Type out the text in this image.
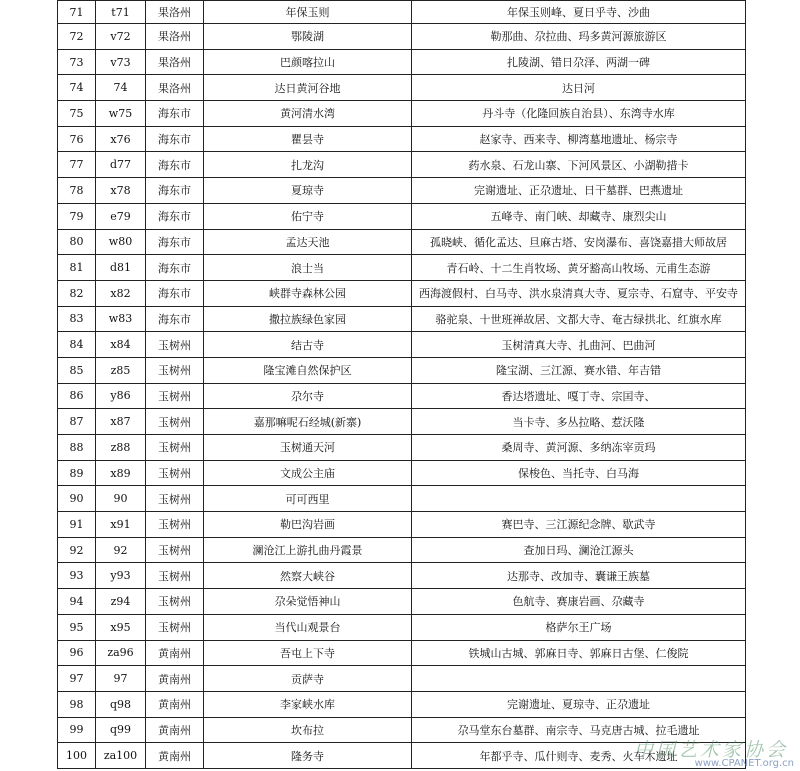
71	t71	果洛州	年保玉则	年保玉则峰、夏日乎寺、沙曲
72	v72	果洛州	鄂陵湖	勒那曲、尕拉曲、玛多黄河源旅游区
73	v73	果洛州	巴颜喀拉山	扎陵湖、错日尕泽、两湖一碑
74	74	果洛州	达日黄河谷地	达日河
75	w75	海东市	黄河清水湾	丹斗寺（化隆回族自治县）、东湾寺水库
76	x76	海东市	瞿昙寺	赵家寺、西来寺、柳湾墓地遗址、杨宗寺
77	d77	海东市	扎龙沟	药水泉、石龙山寨、下河风景区、小湖勒措卡
78	x78	海东市	夏琼寺	完谢遗址、正尕遗址、日干墓群、巴燕遗址
79	e79	海东市	佑宁寺	五峰寺、南门峡、却藏寺、康烈尖山
80	w80	海东市	孟达天池	孤晓峡、循化孟达、旦麻古塔、安岗瀑布、喜饶嘉措大师故居
81	d81	海东市	浪士当	青石岭、十二生肖牧场、黄牙豁高山牧场、元甫生态游
82	x82	海东市	峡群寺森林公园	西海渡假村、白马寺、洪水泉清真大寺、夏宗寺、石窟寺、平安寺
83	w83	海东市	撒拉族绿色家园	骆驼泉、十世班禅故居、文都大寺、奄古绿拱北、红旗水库
84	x84	玉树州	结古寺	玉树清真大寺、扎曲河、巴曲河
85	z85	玉树州	隆宝滩自然保护区	隆宝湖、三江源、赛水错、年吉错
86	y86	玉树州	尕尔寺	香达塔遗址、嘎丁寺、宗囯寺、
87	x87	玉树州	嘉那嘛呢石经城(新寨)	当卡寺、多丛拉略、惹沃隆
88	z88	玉树州	玉树通天河	桑周寺、黄河源、多纳冻宰贡玛
89	x89	玉树州	文成公主庙	保梭色、当托寺、白马海
90	90	玉树州	可可西里	
91	x91	玉树州	勒巴沟岩画	赛巴寺、三江源纪念牌、歇武寺
92	92	玉树州	澜沧江上游扎曲丹霞景	查加日玛、澜沧江源头
93	y93	玉树州	然察大峡谷	达那寺、改加寺、囊谦王族墓
94	z94	玉树州	尕朵觉悟神山	色航寺、赛康岩画、尕藏寺
95	x95	玉树州	当代山观景台	格萨尔王广场
96	za96	黄南州	吾屯上下寺	铁城山古城、郭麻日寺、郭麻日古堡、仁俊院
97	97	黄南州	贡萨寺	
98	q98	黄南州	李家峡水库	完谢遗址、夏琼寺、正尕遗址
99	q99	黄南州	坎布拉	尕马堂东台墓群、南宗寺、马克唐古城、拉毛遗址
100	za100	黄南州	隆务寺	年都乎寺、瓜什则寺、麦秀、火车木遗址
中国艺术家协会
www.CPANET.org.cn
